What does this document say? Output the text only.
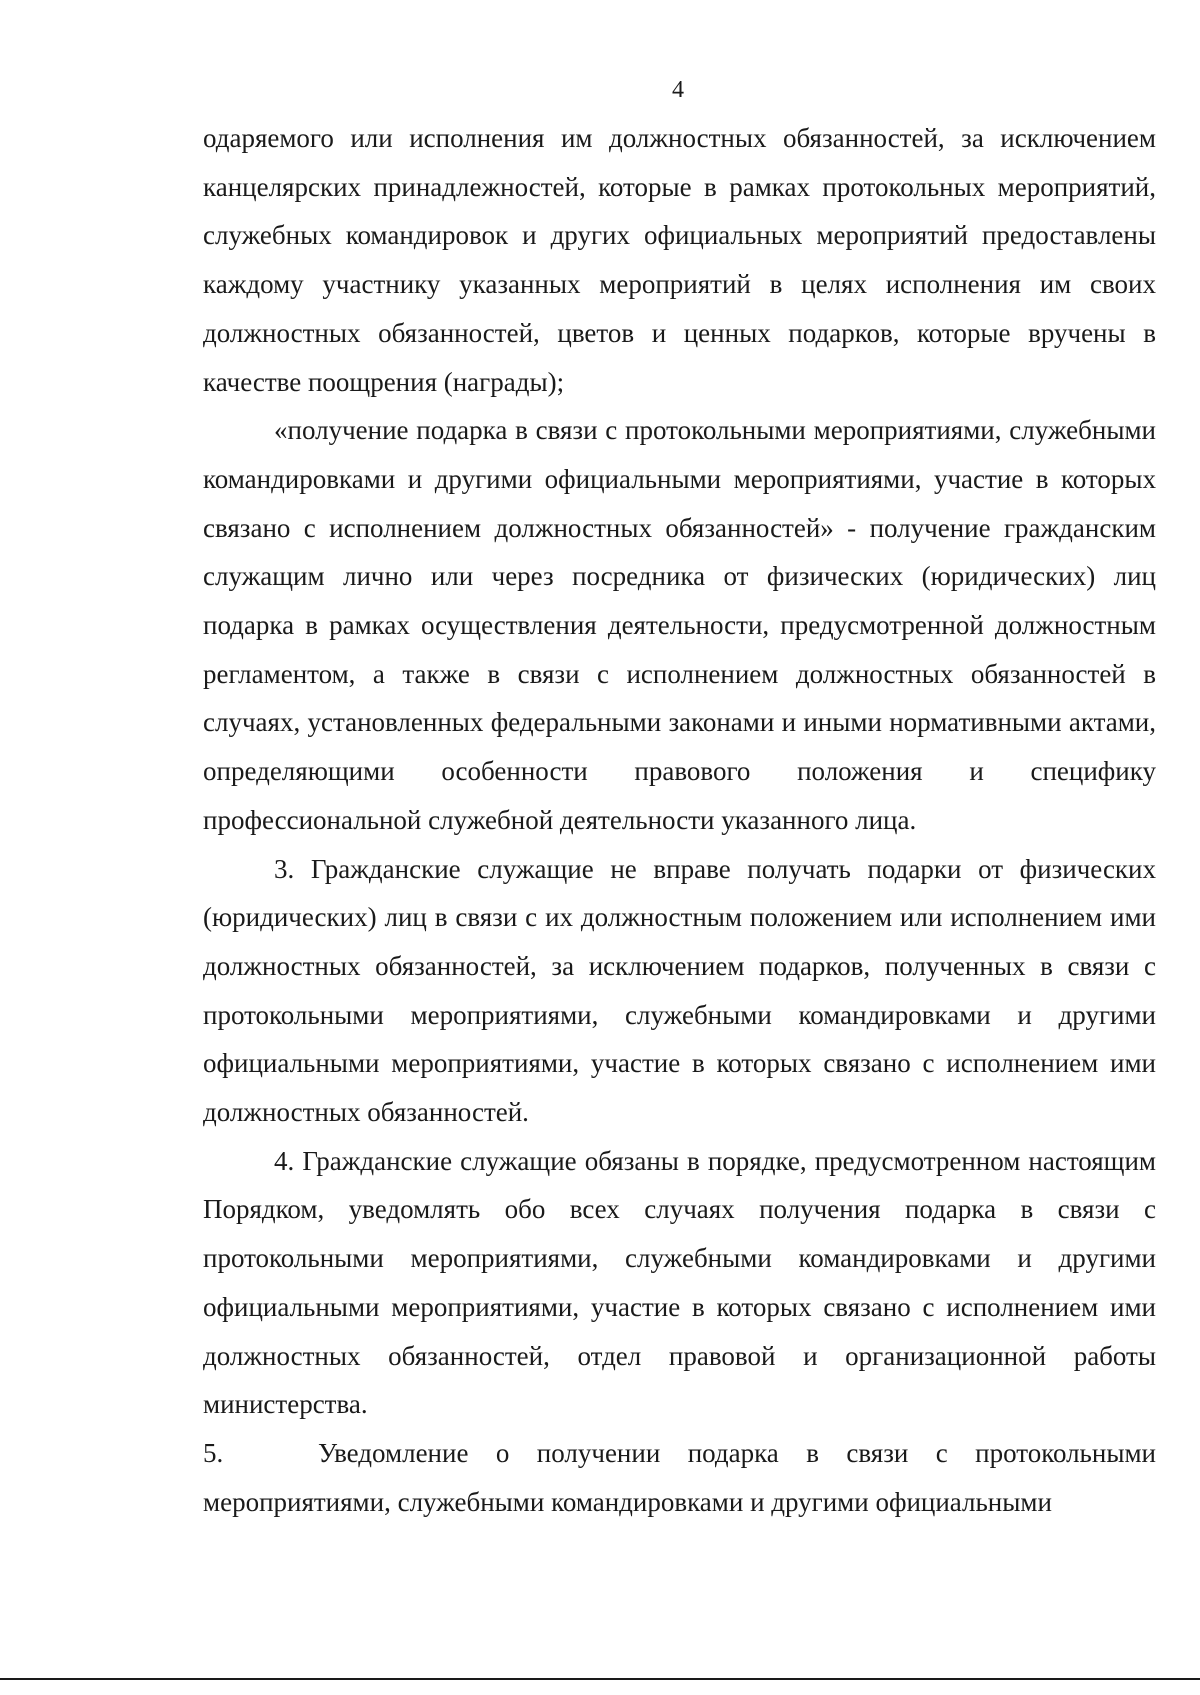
4

одаряемого или исполнения им должностных обязанностей, за исключением канцелярских принадлежностей, которые в рамках протокольных мероприятий, служебных командировок и других официальных мероприятий предоставлены каждому участнику указанных мероприятий в целях исполнения им своих должностных обязанностей, цветов и ценных подарков, которые вручены в качестве поощрения (награды);

«получение подарка в связи с протокольными мероприятиями, служебными командировками и другими официальными мероприятиями, участие в которых связано с исполнением должностных обязанностей» - получение гражданским служащим лично или через посредника от физических (юридических) лиц подарка в рамках осуществления деятельности, предусмотренной должностным регламентом, а также в связи с исполнением должностных обязанностей в случаях, установленных федеральными законами и иными нормативными актами, определяющими особенности правового положения и специфику профессиональной служебной деятельности указанного лица.

3. Гражданские служащие не вправе получать подарки от физических (юридических) лиц в связи с их должностным положением или исполнением ими должностных обязанностей, за исключением подарков, полученных в связи с протокольными мероприятиями, служебными командировками и другими официальными мероприятиями, участие в которых связано с исполнением ими должностных обязанностей.

4. Гражданские служащие обязаны в порядке, предусмотренном настоящим Порядком, уведомлять обо всех случаях получения подарка в связи с протокольными мероприятиями, служебными командировками и другими официальными мероприятиями, участие в которых связано с исполнением ими должностных обязанностей, отдел правовой и организационной работы министерства.

5.	Уведомление о получении подарка в связи с протокольными мероприятиями, служебными командировками и другими официальными
